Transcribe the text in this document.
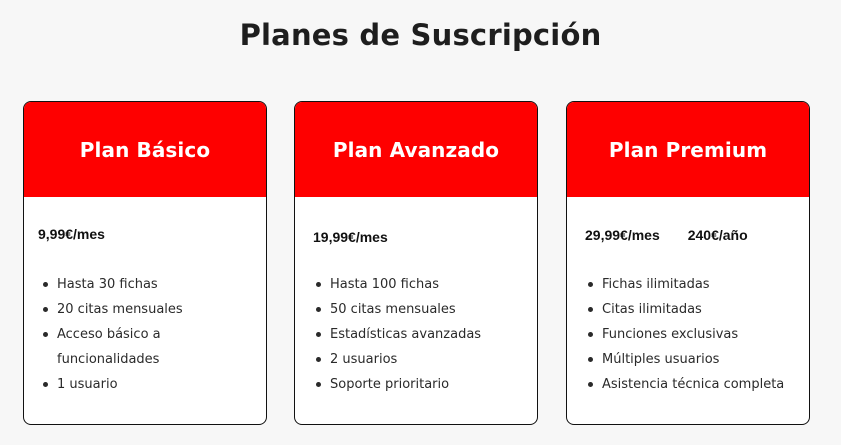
Planes de Suscripción
Plan Básico
9,99€/mes
Hasta 30 fichas
20 citas mensuales
Acceso básico a funcionalidades
1 usuario
Plan Avanzado
19,99€/mes
Hasta 100 fichas
50 citas mensuales
Estadísticas avanzadas
2 usuarios
Soporte prioritario
Plan Premium
29,99€/mes 240€/año
Fichas ilimitadas
Citas ilimitadas
Funciones exclusivas
Múltiples usuarios
Asistencia técnica completa
